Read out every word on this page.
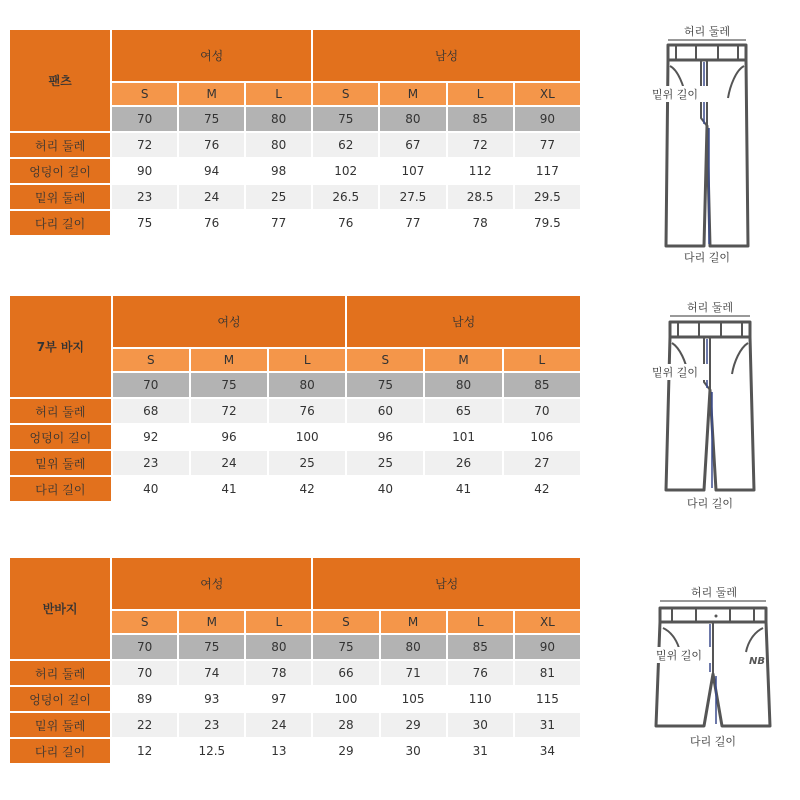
팬츠	여성			남성			
	S	M	L	S	M	L	XL
	70	75	80	75	80	85	90
허리 둘레	72	76	80	62	67	72	77
엉덩이 길이	90	94	98	102	107	112	117
밑위 둘레	23	24	25	26.5	27.5	28.5	29.5
다리 길이	75	76	77	76	77	78	79.5
7부 바지	여성			남성		
	S	M	L	S	M	L
	70	75	80	75	80	85
허리 둘레	68	72	76	60	65	70
엉덩이 길이	92	96	100	96	101	106
밑위 둘레	23	24	25	25	26	27
다리 길이	40	41	42	40	41	42
반바지	여성			남성			
	S	M	L	S	M	L	XL
	70	75	80	75	80	85	90
허리 둘레	70	74	78	66	71	76	81
엉덩이 길이	89	93	97	100	105	110	115
밑위 둘레	22	23	24	28	29	30	31
다리 길이	12	12.5	13	29	30	31	34
허리 둘레
밑위 길이
다리 길이
허리 둘레
밑위 길이
다리 길이
허리 둘레
NB
밑위 길이
다리 길이
